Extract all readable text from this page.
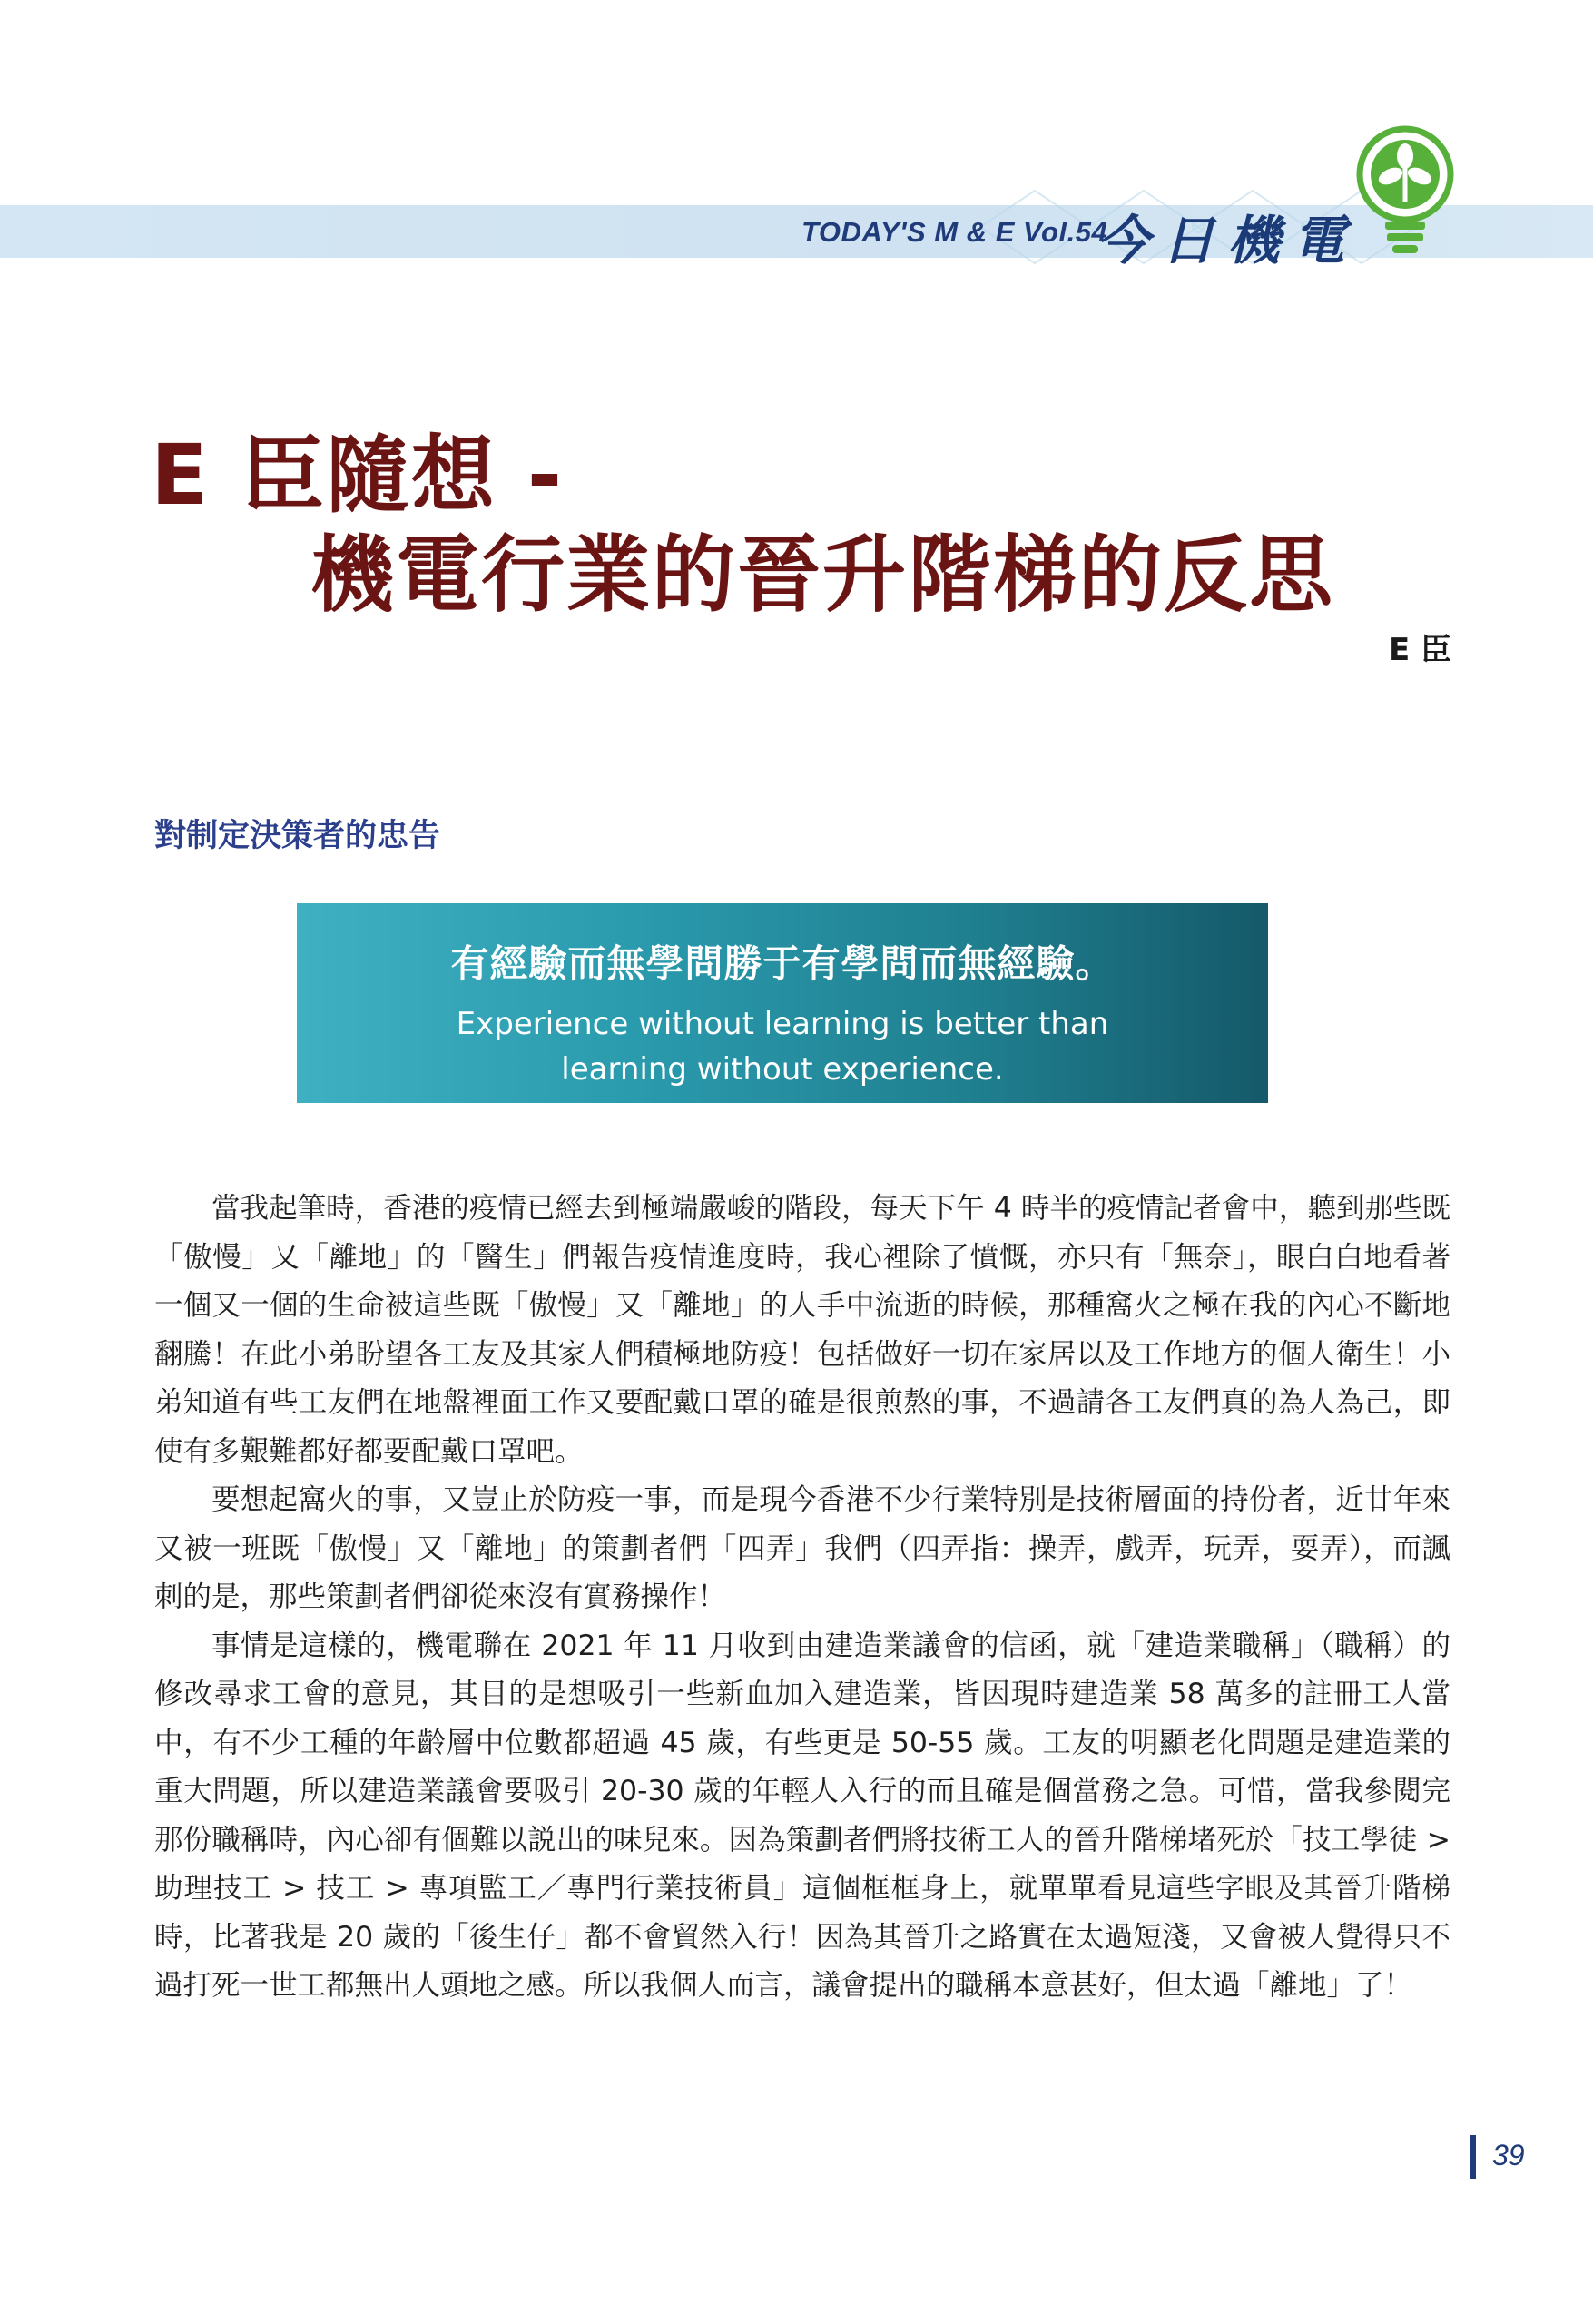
TODAY'S M & E Vol.54
今日機電
E 臣隨想 -
機電行業的晉升階梯的反思
E 臣
對制定決策者的忠告
有經驗而無學問勝于有學問而無經驗。
Experience without learning is better than
learning without experience.

當我起筆時，香港的疫情已經去到極端嚴峻的階段，每天下午 4 時半的疫情記者會中，聽到那些既「傲慢」又「離地」的「醫生」們報告疫情進度時，我心裡除了憤慨，亦只有「無奈」，眼白白地看著一個又一個的生命被這些既「傲慢」又「離地」的人手中流逝的時候，那種窩火之極在我的內心不斷地翻騰！在此小弟盼望各工友及其家人們積極地防疫！包括做好一切在家居以及工作地方的個人衛生！小弟知道有些工友們在地盤裡面工作又要配戴口罩的確是很煎熬的事，不過請各工友們真的為人為己，即使有多艱難都好都要配戴口罩吧。

要想起窩火的事，又豈止於防疫一事，而是現今香港不少行業特別是技術層面的持份者，近廿年來又被一班既「傲慢」又「離地」的策劃者們「四弄」我們（四弄指：操弄，戲弄，玩弄，耍弄），而諷刺的是，那些策劃者們卻從來沒有實務操作！

事情是這樣的，機電聯在 2021 年 11 月收到由建造業議會的信函，就「建造業職稱」（職稱）的修改尋求工會的意見，其目的是想吸引一些新血加入建造業，皆因現時建造業 58 萬多的註冊工人當中，有不少工種的年齡層中位數都超過 45 歲，有些更是 50-55 歲。工友的明顯老化問題是建造業的重大問題，所以建造業議會要吸引 20-30 歲的年輕人入行的而且確是個當務之急。可惜，當我參閱完那份職稱時，內心卻有個難以説出的味兒來。因為策劃者們將技術工人的晉升階梯堵死於「技工學徒 > 助理技工 > 技工 > 專項監工／專門行業技術員」這個框框身上，就單單看見這些字眼及其晉升階梯時，比著我是 20 歲的「後生仔」都不會貿然入行！因為其晉升之路實在太過短淺，又會被人覺得只不過打死一世工都無出人頭地之感。所以我個人而言，議會提出的職稱本意甚好，但太過「離地」了！

39
